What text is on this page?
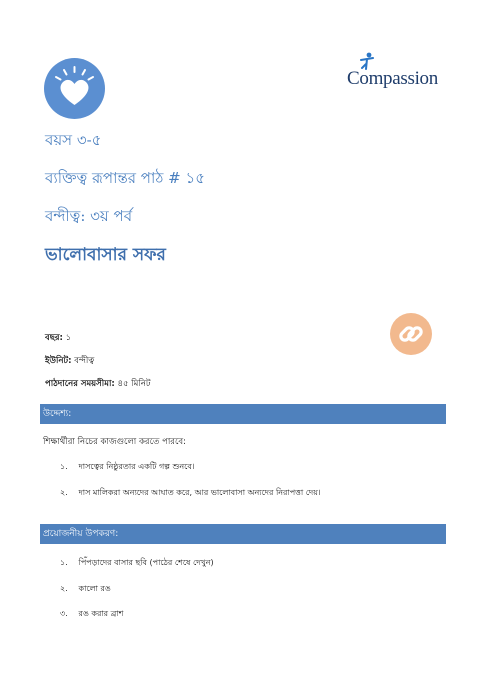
Compassion
বয়স ৩-৫
ব্যক্তিত্ব রূপান্তর পাঠ # ১৫
বন্দীত্ব: ৩য় পর্ব
ভালোবাসার সফর
বছর: ১
ইউনিট: বন্দীত্ব
পাঠদানের সময়সীমা: ৪৫ মিনিট
উদ্দেশ্য:
শিক্ষার্থীরা নিচের কাজগুলো করতে পারবে:
১. দাসত্বের নিষ্ঠুরতার একটি গল্প শুনবে।
২. দাস মালিকরা অন্যদের আঘাত করে, আর ভালোবাসা অন্যদের নিরাপত্তা দেয়।
প্রয়োজনীয় উপকরণ:
১. পিঁপড়াদের বাসার ছবি (পাঠের শেষে দেখুন)
২. কালো রঙ
৩. রঙ করার ব্রাশ
